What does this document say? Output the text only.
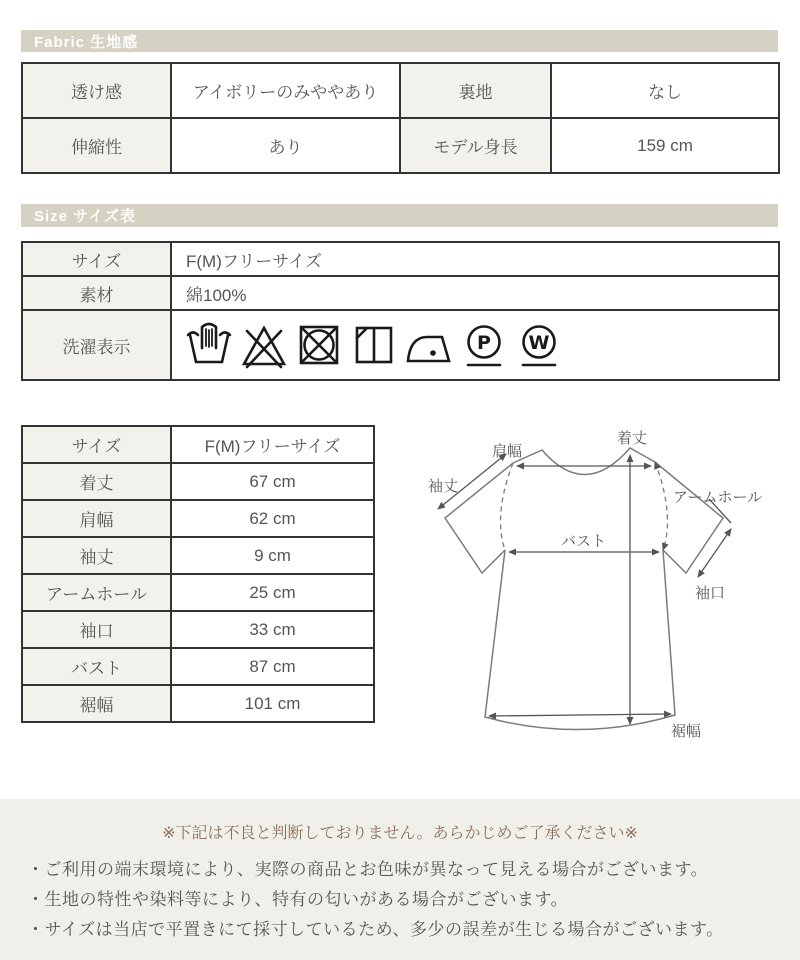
Fabric 生地感
透け感	アイボリーのみややあり	裏地	なし
伸縮性	あり	モデル身長	159 cm
Size サイズ表
サイズ	F(M)フリーサイズ
素材	綿100%
洗濯表示	P W
サイズ	F(M)フリーサイズ
着丈	67 cm
肩幅	62 cm
袖丈	9 cm
アームホール	25 cm
袖口	33 cm
バスト	87 cm
裾幅	101 cm
着丈
肩幅
袖丈
アームホール
バスト
袖口
裾幅
※下記は不良と判断しておりません。あらかじめご了承ください※
・ご利用の端末環境により、実際の商品とお色味が異なって見える場合がございます。
・生地の特性や染料等により、特有の匂いがある場合がございます。
・サイズは当店で平置きにて採寸しているため、多少の誤差が生じる場合がございます。
